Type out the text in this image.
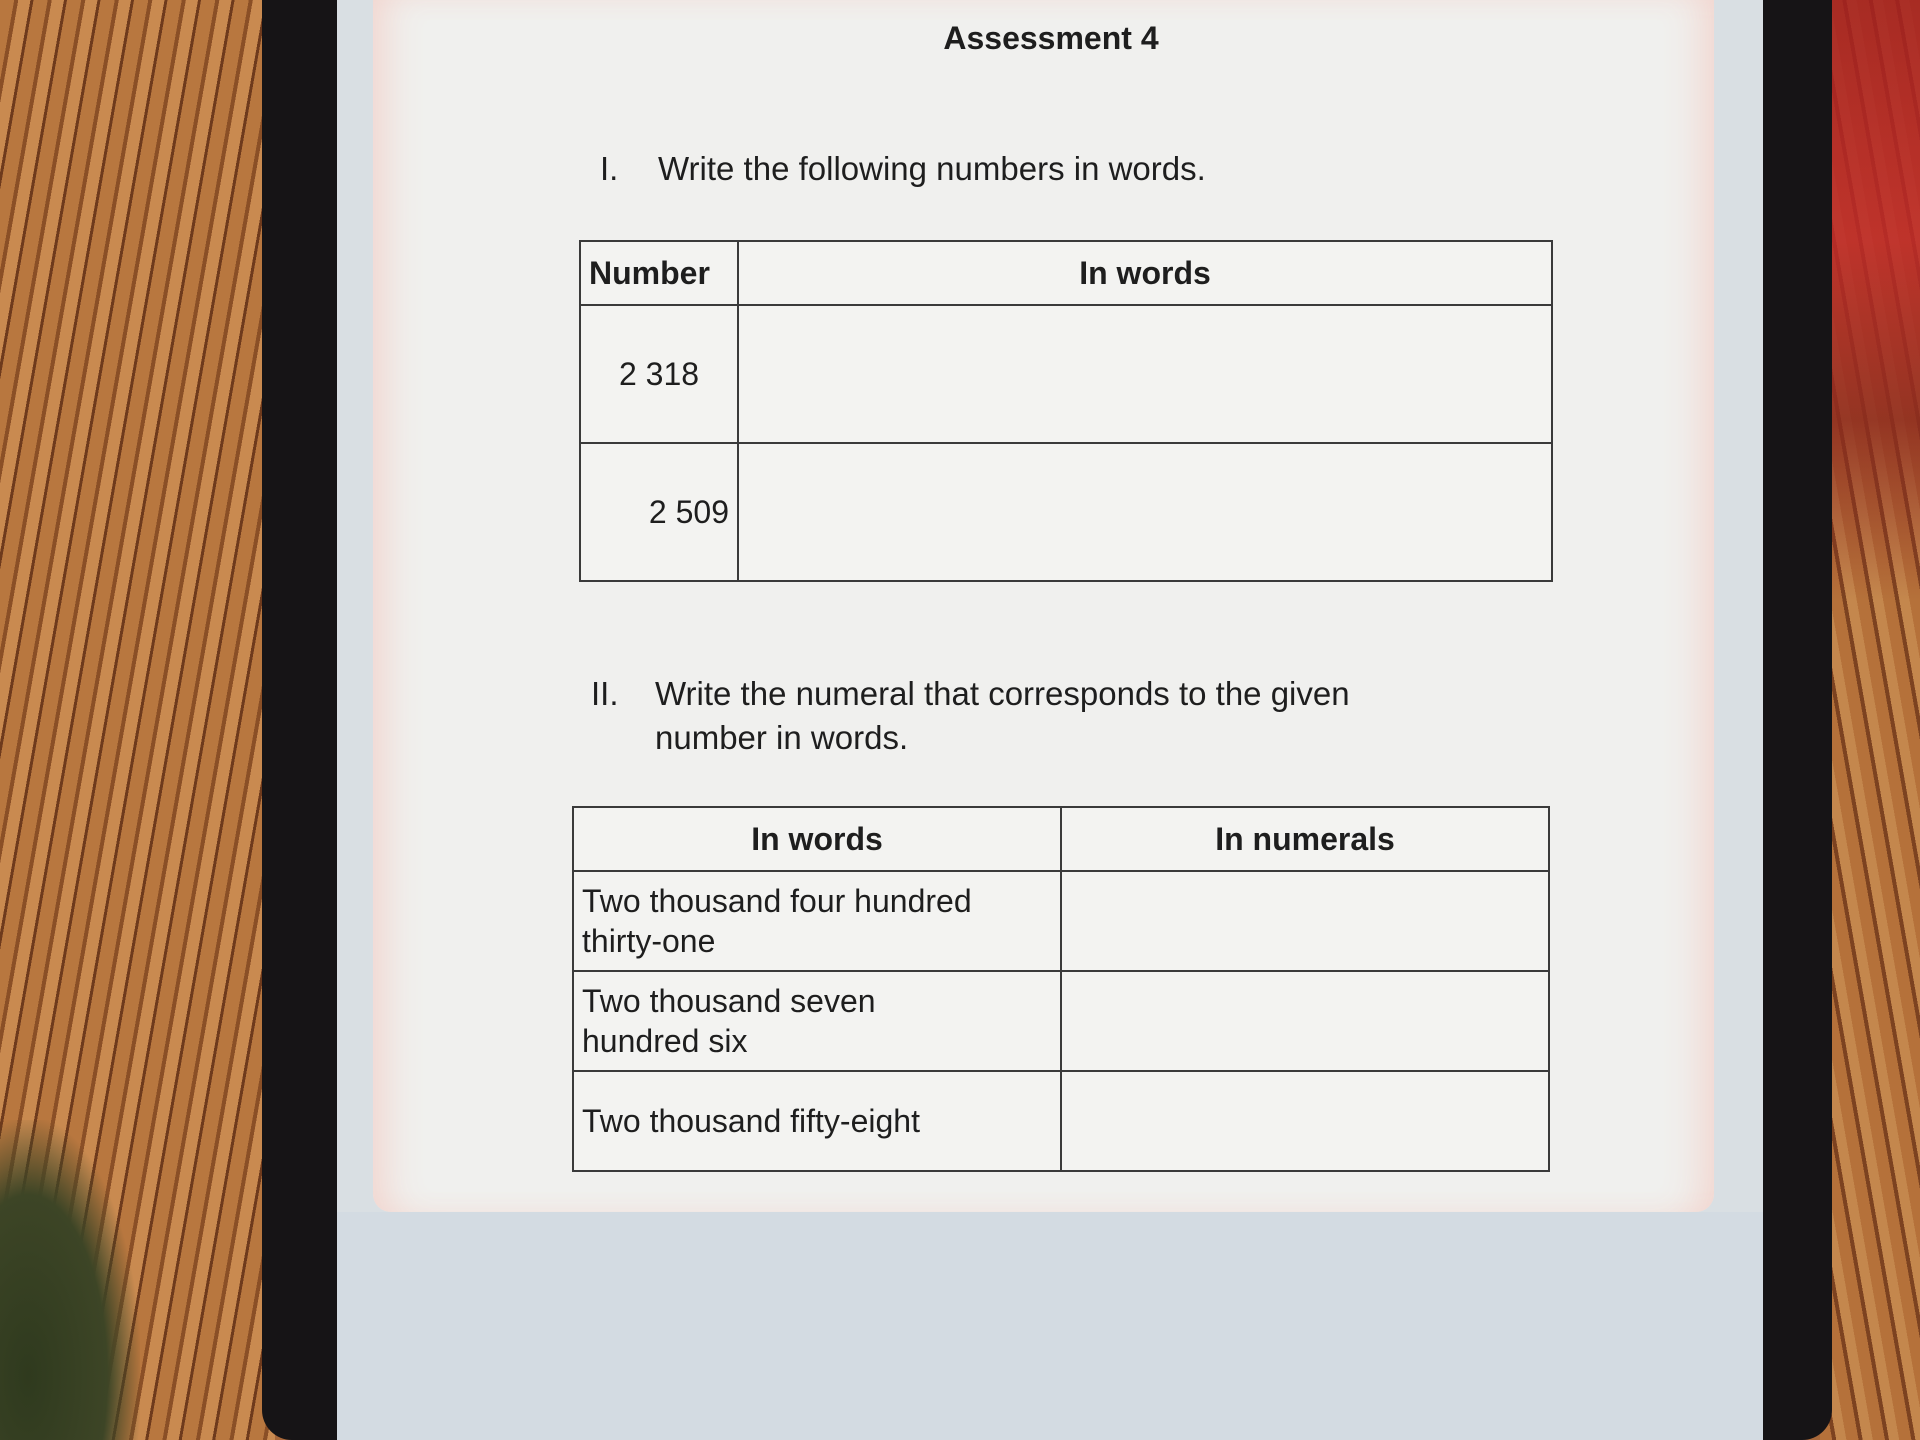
Assessment 4
I. Write the following numbers in words.
Number	In words
2 318	
2 509	
II. Write the numeral that corresponds to the given
number in words.
In words	In numerals
Two thousand four hundred thirty-one	
Two thousand seven hundred six	
Two thousand fifty-eight	
